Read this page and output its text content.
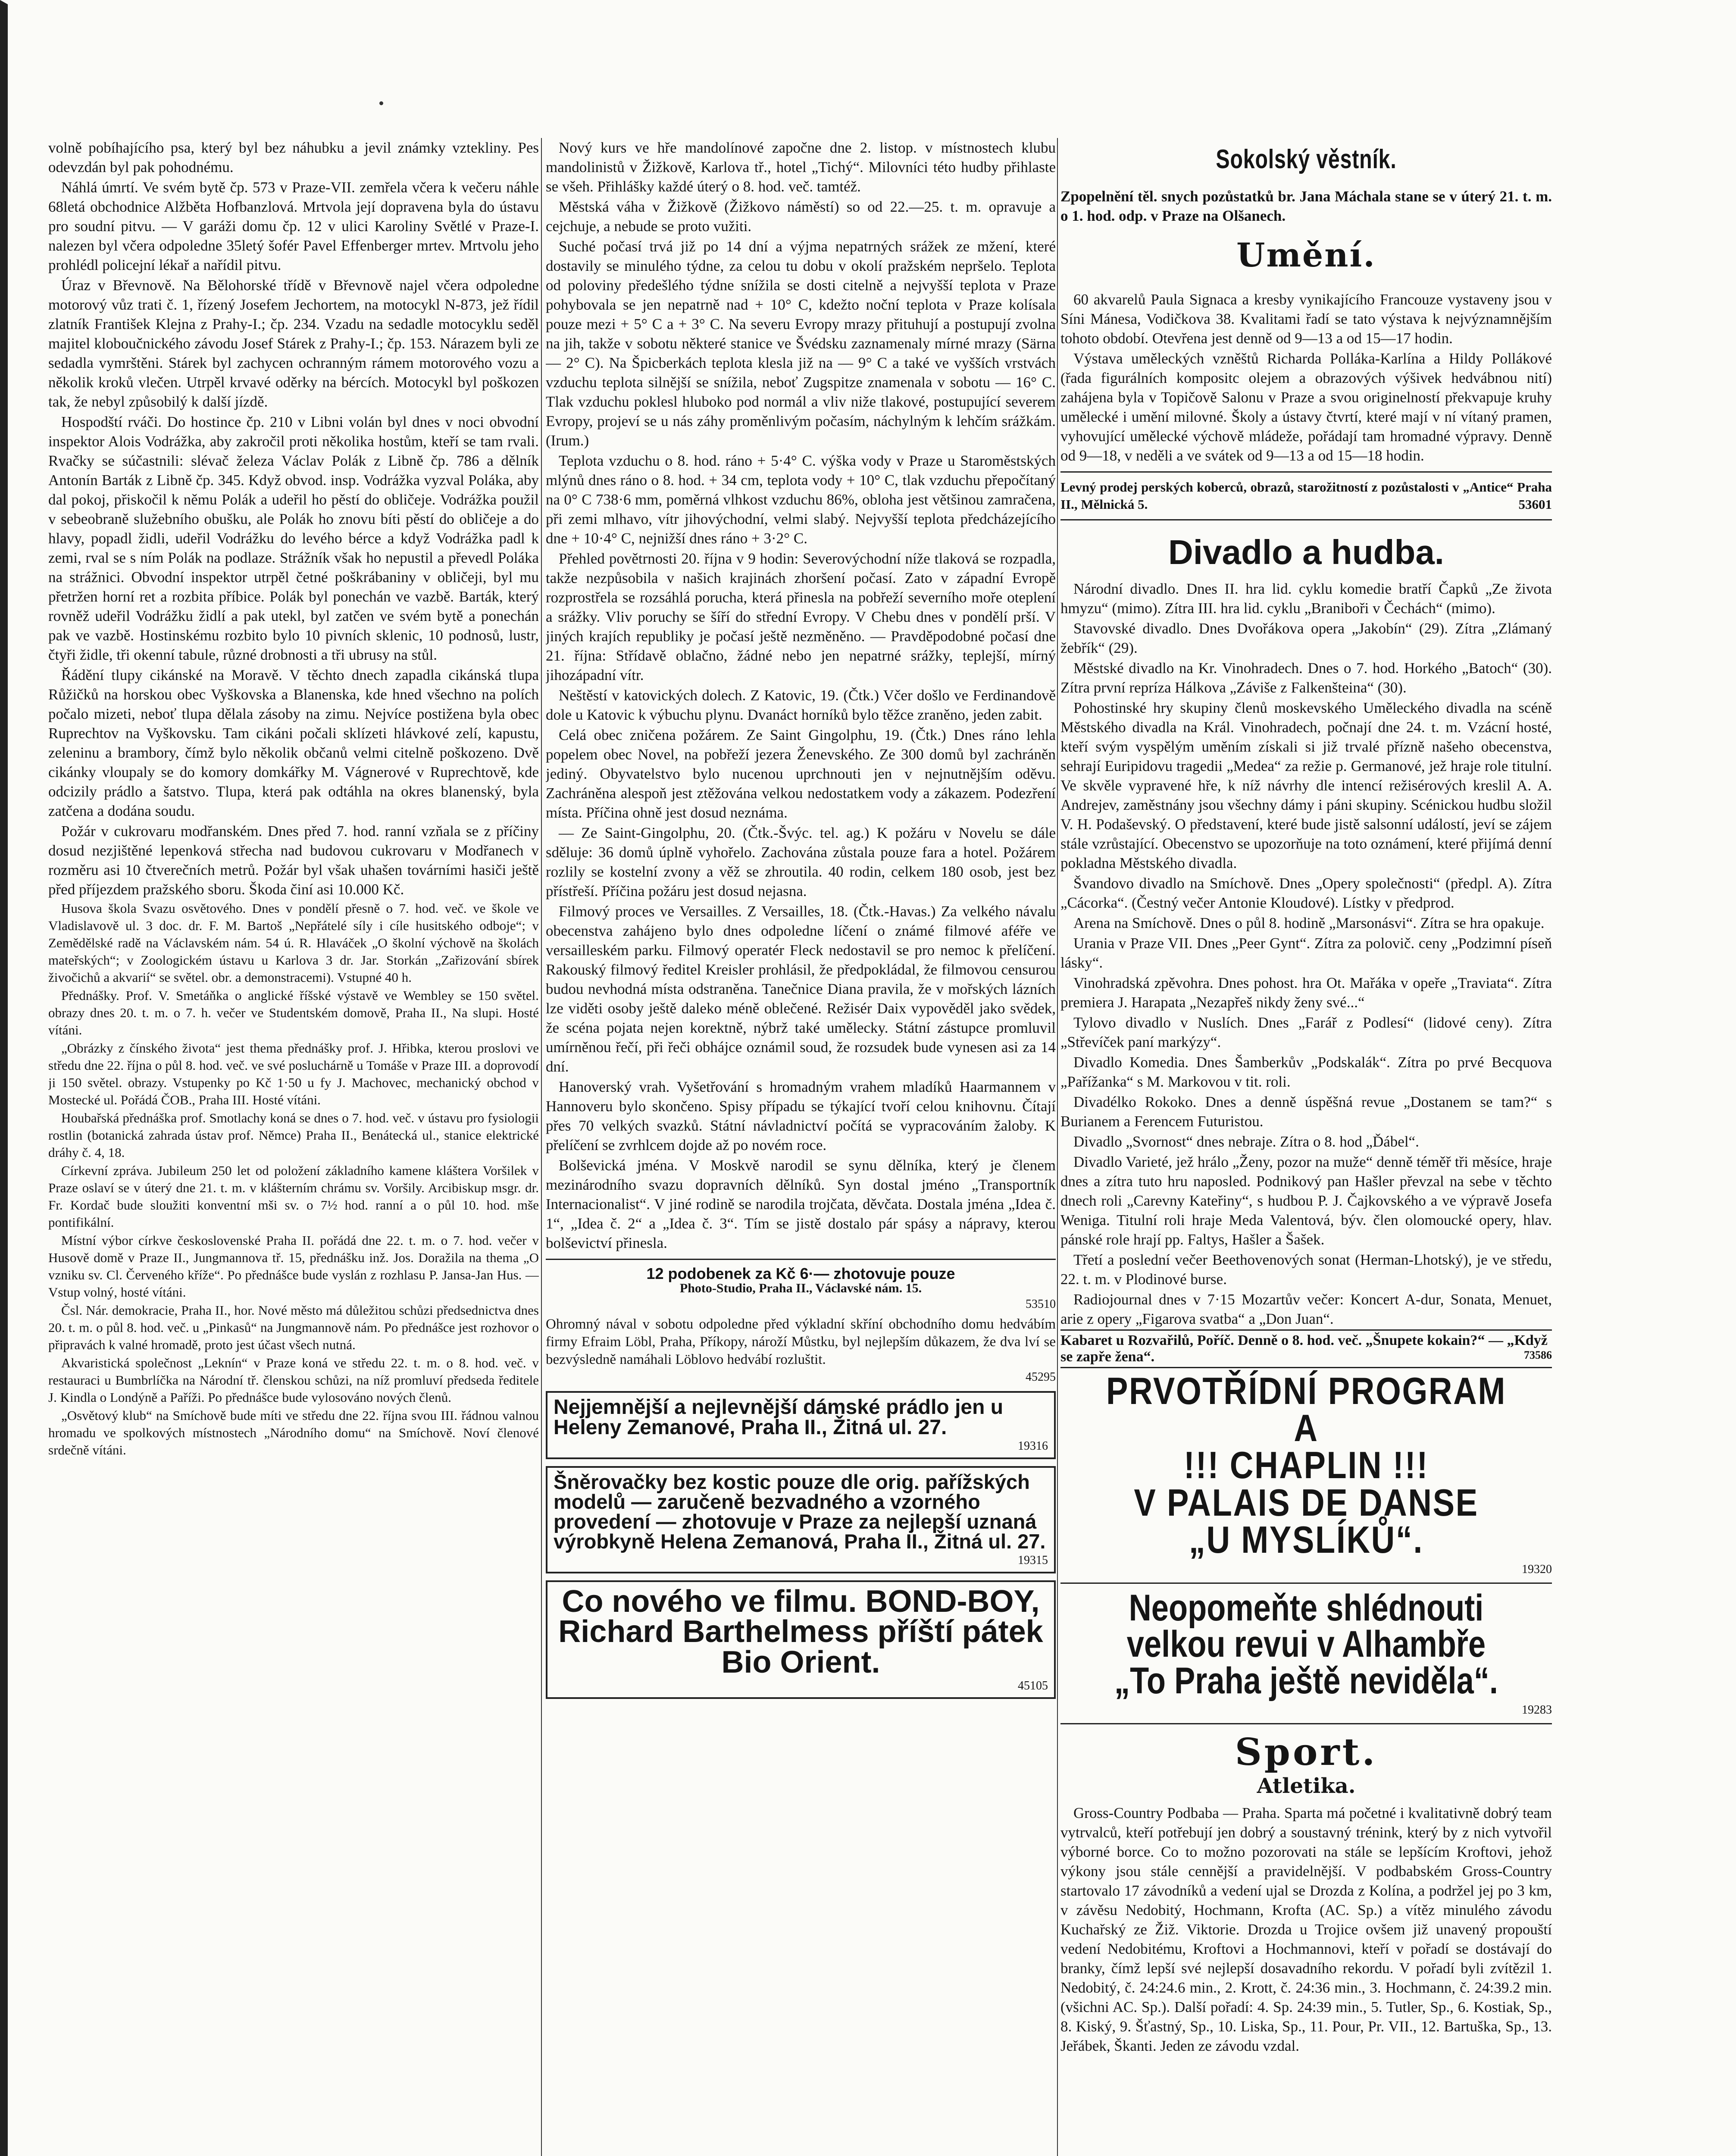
volně pobíhajícího psa, který byl bez náhubku a jevil známky vztekliny. Pes odevzdán byl pak pohodnému.
Náhlá úmrtí. Ve svém bytě čp. 573 v Praze-VII. zemřela včera k večeru náhle 68letá obchodnice Alžběta Hofbanzlová. Mrtvola její dopravena byla do ústavu pro soudní pitvu. — V garáži domu čp. 12 v ulici Karoliny Světlé v Praze-I. nalezen byl včera odpoledne 35letý šofér Pavel Effenberger mrtev. Mrtvolu jeho prohlédl policejní lékař a nařídil pitvu.
Úraz v Břevnově. Na Bělohorské třídě v Břevnově najel včera odpoledne motorový vůz trati č. 1, řízený Josefem Jechortem, na motocykl N-873, jež řídil zlatník František Klejna z Prahy-I.; čp. 234. Vzadu na sedadle motocyklu seděl majitel kloboučnického závodu Josef Stárek z Prahy-I.; čp. 153. Nárazem byli ze sedadla vymrštěni. Stárek byl zachycen ochranným rámem motorového vozu a několik kroků vlečen. Utrpěl krvavé oděrky na bércích. Motocykl byl poškozen tak, že nebyl způsobilý k další jízdě.
Hospodští rváči. Do hostince čp. 210 v Libni volán byl dnes v noci obvodní inspektor Alois Vodrážka, aby zakročil proti několika hostům, kteří se tam rvali. Rvačky se súčastnili: slévač železa Václav Polák z Libně čp. 786 a dělník Antonín Barták z Libně čp. 345. Když obvod. insp. Vodrážka vyzval Poláka, aby dal pokoj, přiskočil k němu Polák a udeřil ho pěstí do obličeje. Vodrážka použil v sebeobraně služebního obušku, ale Polák ho znovu bíti pěstí do obličeje a do hlavy, popadl židli, udeřil Vodrážku do levého bérce a když Vodrážka padl k zemi, rval se s ním Polák na podlaze. Strážník však ho nepustil a převedl Poláka na strážnici. Obvodní inspektor utrpěl četné poškrábaniny v obličeji, byl mu přetržen horní ret a rozbita příbice. Polák byl ponechán ve vazbě. Barták, který rovněž udeřil Vodrážku židlí a pak utekl, byl zatčen ve svém bytě a ponechán pak ve vazbě. Hostinskému rozbito bylo 10 pivních sklenic, 10 podnosů, lustr, čtyři židle, tři okenní tabule, různé drobnosti a tři ubrusy na stůl.
Řádění tlupy cikánské na Moravě. V těchto dnech zapadla cikánská tlupa Růžičků na horskou obec Vyškovska a Blanenska, kde hned všechno na polích počalo mizeti, neboť tlupa dělala zásoby na zimu. Nejvíce postižena byla obec Ruprechtov na Vyškovsku. Tam cikáni počali sklízeti hlávkové zelí, kapustu, zeleninu a brambory, čímž bylo několik občanů velmi citelně poškozeno. Dvě cikánky vloupaly se do komory domkářky M. Vágnerové v Ruprechtově, kde odcizily prádlo a šatstvo. Tlupa, která pak odtáhla na okres blanenský, byla zatčena a dodána soudu.
Požár v cukrovaru modřanském. Dnes před 7. hod. ranní vzňala se z příčiny dosud nezjištěné lepenková střecha nad budovou cukrovaru v Modřanech v rozměru asi 10 čtverečních metrů. Požár byl však uhašen továrními hasiči ještě před příjezdem pražského sboru. Škoda činí asi 10.000 Kč.
Husova škola Svazu osvětového. Dnes v pondělí přesně o 7. hod. več. ve škole ve Vladislavově ul. 3 doc. dr. F. M. Bartoš „Nepřátelé síly i cíle husitského odboje“; v Zemědělské radě na Václavském nám. 54 ú. R. Hlaváček „O školní výchově na školách mateřských“; v Zoologickém ústavu u Karlova 3 dr. Jar. Storkán „Zařizování sbírek živočichů a akvarií“ se světel. obr. a demonstracemi). Vstupné 40 h.
Přednášky. Prof. V. Smetáňka o anglické říšské výstavě ve Wembley se 150 světel. obrazy dnes 20. t. m. o 7. h. večer ve Studentském domově, Praha II., Na slupi. Hosté vítáni.
„Obrázky z čínského života“ jest thema přednášky prof. J. Hřibka, kterou proslovi ve středu dne 22. října o půl 8. hod. več. ve své posluchárně u Tomáše v Praze III. a doprovodí ji 150 světel. obrazy. Vstupenky po Kč 1·50 u fy J. Machovec, mechanický obchod v Mostecké ul. Pořádá ČOB., Praha III. Hosté vítáni.
Houbařská přednáška prof. Smotlachy koná se dnes o 7. hod. več. v ústavu pro fysiologii rostlin (botanická zahrada ústav prof. Němce) Praha II., Benátecká ul., stanice elektrické dráhy č. 4, 18.
Církevní zpráva. Jubileum 250 let od položení základního kamene kláštera Voršilek v Praze oslaví se v úterý dne 21. t. m. v klášterním chrámu sv. Voršily. Arcibiskup msgr. dr. Fr. Kordač bude sloužiti konventní mši sv. o 7½ hod. ranní a o půl 10. hod. mše pontifikální.
Místní výbor církve československé Praha II. pořádá dne 22. t. m. o 7. hod. večer v Husově domě v Praze II., Jungmannova tř. 15, přednášku inž. Jos. Doražila na thema „O vzniku sv. Cl. Červeného kříže“. Po přednášce bude vyslán z rozhlasu P. Jansa-Jan Hus. — Vstup volný, hosté vítáni.
Čsl. Nár. demokracie, Praha II., hor. Nové město má důležitou schůzi předsednictva dnes 20. t. m. o půl 8. hod. več. u „Pinkasů“ na Jungmannově nám. Po přednášce jest rozhovor o připravách k valné hromadě, proto jest účast všech nutná.
Akvaristická společnost „Leknín“ v Praze koná ve středu 22. t. m. o 8. hod. več. v restauraci u Bumbrlíčka na Národní tř. členskou schůzi, na níž promluví předseda ředitele J. Kindla o Londýně a Paříži. Po přednášce bude vylosováno nových členů.
„Osvětový klub“ na Smíchově bude míti ve středu dne 22. října svou III. řádnou valnou hromadu ve spolkových místnostech „Národního domu“ na Smíchově. Noví členové srdečně vítáni.
Nový kurs ve hře mandolínové započne dne 2. listop. v místnostech klubu mandolinistů v Žižkově, Karlova tř., hotel „Tichý“. Milovníci této hudby přihlaste se všeh. Přihlášky každé úterý o 8. hod. več. tamtéž.
Městská váha v Žižkově (Žižkovo náměstí) so od 22.—25. t. m. opravuje a cejchuje, a nebude se proto vužiti.
Suché počasí trvá již po 14 dní a výjma nepatrných srážek ze mžení, které dostavily se minulého týdne, za celou tu dobu v okolí pražském nepršelo. Teplota od poloviny předešlého týdne snížila se dosti citelně a nejvyšší teplota v Praze pohybovala se jen nepatrně nad + 10° C, kdežto noční teplota v Praze kolísala pouze mezi + 5° C a + 3° C. Na severu Evropy mrazy přituhují a postupují zvolna na jih, takže v sobotu některé stanice ve Švédsku zaznamenaly mírné mrazy (Särna — 2° C). Na Špicberkách teplota klesla již na — 9° C a také ve vyšších vrstvách vzduchu teplota silnější se snížila, neboť Zugspitze znamenala v sobotu — 16° C. Tlak vzduchu poklesl hluboko pod normál a vliv niže tlakové, postupující severem Evropy, projeví se u nás záhy proměnlivým počasím, náchylným k lehčím srážkám. (Irum.)
Teplota vzduchu o 8. hod. ráno + 5·4° C. výška vody v Praze u Staroměstských mlýnů dnes ráno o 8. hod. + 34 cm, teplota vody + 10° C, tlak vzduchu přepočítaný na 0° C 738·6 mm, poměrná vlhkost vzduchu 86%, obloha jest většinou zamračena, při zemi mlhavo, vítr jihovýchodní, velmi slabý. Nejvyšší teplota předcházejícího dne + 10·4° C, nejnižší dnes ráno + 3·2° C.
Přehled povětrnosti 20. října v 9 hodin: Severovýchodní níže tlaková se rozpadla, takže nezpůsobila v našich krajinách zhoršení počasí. Zato v západní Evropě rozprostřela se rozsáhlá porucha, která přinesla na pobřeží severního moře oteplení a srážky. Vliv poruchy se šíří do střední Evropy. V Chebu dnes v pondělí prší. V jiných krajích republiky je počasí ještě nezměněno. — Pravděpodobné počasí dne 21. října: Střídavě oblačno, žádné nebo jen nepatrné srážky, teplejší, mírný jihozápadní vítr.
Neštěstí v katovických dolech. Z Katovic, 19. (Čtk.) Včer došlo ve Ferdinandově dole u Katovic k výbuchu plynu. Dvanáct horníků bylo těžce zraněno, jeden zabit.
Celá obec zničena požárem. Ze Saint Gingolphu, 19. (Čtk.) Dnes ráno lehla popelem obec Novel, na pobřeží jezera Ženevského. Ze 300 domů byl zachráněn jediný. Obyvatelstvo bylo nucenou uprchnouti jen v nejnutnějším oděvu. Zachráněna alespoň jest ztěžována velkou nedostatkem vody a zákazem. Podezření místa. Příčina ohně jest dosud neznáma.
— Ze Saint-Gingolphu, 20. (Čtk.-Švýc. tel. ag.) K požáru v Novelu se dále sděluje: 36 domů úplně vyhořelo. Zachována zůstala pouze fara a hotel. Požárem rozlily se kostelní zvony a věž se zhroutila. 40 rodin, celkem 180 osob, jest bez přístřeší. Příčina požáru jest dosud nejasna.
Filmový proces ve Versailles. Z Versailles, 18. (Čtk.-Havas.) Za velkého návalu obecenstva zahájeno bylo dnes odpoledne líčení o známé filmové aféře ve versailleském parku. Filmový operatér Fleck nedostavil se pro nemoc k přelíčení. Rakouský filmový ředitel Kreisler prohlásil, že předpokládal, že filmovou censurou budou nevhodná místa odstraněna. Tanečnice Diana pravila, že v mořských lázních lze viděti osoby ještě daleko méně oblečené. Režisér Daix vypověděl jako svědek, že scéna pojata nejen korektně, nýbrž také umělecky. Státní zástupce promluvil umírněnou řečí, při řeči obhájce oznámil soud, že rozsudek bude vynesen asi za 14 dní.
Hanoverský vrah. Vyšetřování s hromadným vrahem mladíků Haarmannem v Hannoveru bylo skončeno. Spisy případu se týkající tvoří celou knihovnu. Čítají přes 70 velkých svazků. Státní návladnictví počítá se vypracováním žaloby. K přelíčení se zvrhlcem dojde až po novém roce.
Bolševická jména. V Moskvě narodil se synu dělníka, který je členem mezinárodního svazu dopravních dělníků. Syn dostal jméno „Transportník Internacionalist“. V jiné rodině se narodila trojčata, děvčata. Dostala jména „Idea č. 1“, „Idea č. 2“ a „Idea č. 3“. Tím se jistě dostalo pár spásy a nápravy, kterou bolševictví přinesla.
12 podobenek za Kč 6·— zhotovuje pouze
Photo-Studio, Praha II., Václavské nám. 15.
53510
Ohromný nával v sobotu odpoledne před výkladní skříní obchodního domu hedvábím firmy Efraim Löbl, Praha, Příkopy, nároží Můstku, byl nejlepším důkazem, že dva lví se bezvýsledně namáhali Löblovo hedvábí rozluštit.
45295
Nejjemnější a nejlevnější dámské prádlo jen u Heleny Zemanové, Praha II., Žitná ul. 27.
19316
Šněrovačky bez kostic pouze dle orig. pařížských modelů — zaručeně bezvadného a vzorného provedení — zhotovuje v Praze za nejlepší uznaná výrobkyně Helena Zemanová, Praha II., Žitná ul. 27.
19315
Co nového ve filmu. BOND-BOY, Richard Barthelmess příští pátek Bio Orient.
45105
Sokolský věstník.
Zpopelnění těl. snych pozůstatků br. Jana Máchala stane se v úterý 21. t. m. o 1. hod. odp. v Praze na Olšanech.
Umění.
60 akvarelů Paula Signaca a kresby vynikajícího Francouze vystaveny jsou v Síni Mánesa, Vodičkova 38. Kvalitami řadí se tato výstava k nejvýznamnějším tohoto období. Otevřena jest denně od 9—13 a od 15—17 hodin.
Výstava uměleckých vzněštů Richarda Polláka-Karlína a Hildy Pollákové (řada figurálních kompositc olejem a obrazových výšivek hedvábnou nití) zahájena byla v Topičově Salonu v Praze a svou originelností překvapuje kruhy umělecké i umění milovné. Školy a ústavy čtvrtí, které mají v ní vítaný pramen, vyhovující umělecké výchově mládeže, pořádají tam hromadné výpravy. Denně od 9—18, v neděli a ve svátek od 9—13 a od 15—18 hodin.
Levný prodej perských koberců, obrazů, starožitností z pozůstalosti v „Antice“ Praha II., Mělnická 5.	53601
Divadlo a hudba.
Národní divadlo. Dnes II. hra lid. cyklu komedie bratří Čapků „Ze života hmyzu“ (mimo). Zítra III. hra lid. cyklu „Braniboři v Čechách“ (mimo).
Stavovské divadlo. Dnes Dvořákova opera „Jakobín“ (29). Zítra „Zlámaný žebřík“ (29).
Městské divadlo na Kr. Vinohradech. Dnes o 7. hod. Horkého „Batoch“ (30). Zítra první repríza Hálkova „Záviše z Falkenšteina“ (30).
Pohostinské hry skupiny členů moskevského Uměleckého divadla na scéně Městského divadla na Král. Vinohradech, počnají dne 24. t. m. Vzácní hosté, kteří svým vyspělým uměním získali si již trvalé přízně našeho obecenstva, sehrají Euripidovu tragedii „Medea“ za režie p. Germanové, jež hraje role titulní. Ve skvěle vypravené hře, k níž návrhy dle intencí režisérových kreslil A. A. Andrejev, zaměstnány jsou všechny dámy i páni skupiny. Scénickou hudbu složil V. H. Podaševský. O představení, které bude jistě salsonní událostí, jeví se zájem stále vzrůstající. Obecenstvo se upozorňuje na toto oznámení, které přijímá denní pokladna Městského divadla.
Švandovo divadlo na Smíchově. Dnes „Opery společnosti“ (předpl. A). Zítra „Cácorka“. (Čestný večer Antonie Kloudové). Lístky v předprod.
Arena na Smíchově. Dnes o půl 8. hodině „Marsonásvi“. Zítra se hra opakuje.
Urania v Praze VII. Dnes „Peer Gynt“. Zítra za polovič. ceny „Podzimní píseň lásky“.
Vinohradská zpěvohra. Dnes pohost. hra Ot. Mařáka v opeře „Traviata“. Zítra premiera J. Harapata „Nezapřeš nikdy ženy své...“
Tylovo divadlo v Nuslích. Dnes „Farář z Podlesí“ (lidové ceny). Zítra „Střevíček paní markýzy“.
Divadlo Komedia. Dnes Šamberkův „Podskalák“. Zítra po prvé Becquova „Pařížanka“ s M. Markovou v tit. roli.
Divadélko Rokoko. Dnes a denně úspěšná revue „Dostanem se tam?“ s Burianem a Ferencem Futuristou.
Divadlo „Svornost“ dnes nebraje. Zítra o 8. hod „Ďábel“.
Divadlo Varieté, jež hrálo „Ženy, pozor na muže“ denně téměř tři měsíce, hraje dnes a zítra tuto hru naposled. Podnikový pan Hašler převzal na sebe v těchto dnech roli „Carevny Kateřiny“, s hudbou P. J. Čajkovského a ve výpravě Josefa Weniga. Titulní roli hraje Meda Valentová, býv. člen olomoucké opery, hlav. pánské role hrají pp. Faltys, Hašler a Šašek.
Třetí a poslední večer Beethovenových sonat (Herman-Lhotský), je ve středu, 22. t. m. v Plodinové burse.
Radiojournal dnes v 7·15 Mozartův večer: Koncert A-dur, Sonata, Menuet, arie z opery „Figarova svatba“ a „Don Juan“.
Kabaret u Rozvařilů, Poříč. Denně o 8. hod. več. „Šnupete kokain?“ — „Když se zapře žena“.	73586
PRVOTŘÍDNÍ PROGRAM A
!!! CHAPLIN !!!
V PALAIS DE DANSE
„U MYSLÍKŮ“.
19320
Neopomeňte shlédnouti
velkou revui v Alhambře
„To Praha ještě neviděla“.
19283
Sport.
Atletika.
Gross-Country Podbaba — Praha. Sparta má početné i kvalitativně dobrý team vytrvalců, kteří potřebují jen dobrý a soustavný trénink, který by z nich vytvořil výborné borce. Co to možno pozorovati na stále se lepšícím Kroftovi, jehož výkony jsou stále cennější a pravidelnější. V podbabském Gross-Country startovalo 17 závodníků a vedení ujal se Drozda z Kolína, a podržel jej po 3 km, v závěsu Nedobitý, Hochmann, Krofta (AC. Sp.) a vítěz minulého závodu Kuchařský ze Žiž. Viktorie. Drozda u Trojice ovšem již unavený propouští vedení Nedobitému, Kroftovi a Hochmannovi, kteří v pořadí se dostávají do branky, čímž lepší své nejlepší dosavadního rekordu. V pořadí byli zvítězil 1. Nedobitý, č. 24:24.6 min., 2. Krott, č. 24:36 min., 3. Hochmann, č. 24:39.2 min. (všichni AC. Sp.). Další pořadí: 4. Sp. 24:39 min., 5. Tutler, Sp., 6. Kostiak, Sp., 8. Kiský, 9. Šťastný, Sp., 10. Liska, Sp., 11. Pour, Pr. VII., 12. Bartuška, Sp., 13. Jeřábek, Škanti. Jeden ze závodu vzdal.
